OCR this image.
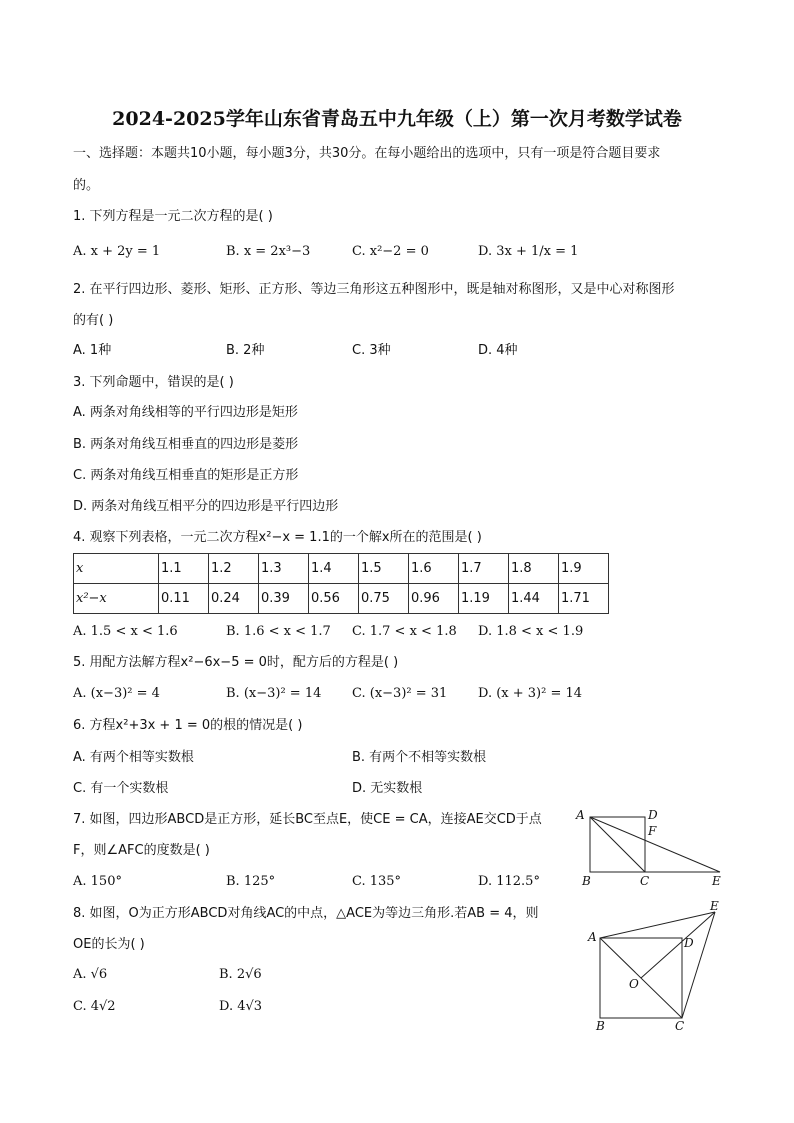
2024-2025学年山东省青岛五中九年级（上）第一次月考数学试卷
一、选择题：本题共10小题，每小题3分，共30分。在每小题给出的选项中，只有一项是符合题目要求
的。
1. 下列方程是一元二次方程的是( )
A. x + 2y = 1	B. x = 2x³−3	C. x²−2 = 0	D. 3x + 1/x = 1
2. 在平行四边形、菱形、矩形、正方形、等边三角形这五种图形中，既是轴对称图形，又是中心对称图形
的有( )
A. 1种	B. 2种	C. 3种	D. 4种
3. 下列命题中，错误的是( )
A. 两条对角线相等的平行四边形是矩形
B. 两条对角线互相垂直的四边形是菱形
C. 两条对角线互相垂直的矩形是正方形
D. 两条对角线互相平分的四边形是平行四边形
4. 观察下列表格，一元二次方程x²−x = 1.1的一个解x所在的范围是( )
x	1.1	1.2	1.3	1.4	1.5	1.6	1.7	1.8	1.9
x²−x	0.11	0.24	0.39	0.56	0.75	0.96	1.19	1.44	1.71
A. 1.5 < x < 1.6	B. 1.6 < x < 1.7 C. 1.7 < x < 1.8 D. 1.8 < x < 1.9
5. 用配方法解方程x²−6x−5 = 0时，配方后的方程是( )
A. (x−3)² = 4	B. (x−3)² = 14 C. (x−3)² = 31 D. (x + 3)² = 14
6. 方程x²+3x + 1 = 0的根的情况是( )
A. 有两个相等实数根	B. 有两个不相等实数根
C. 有一个实数根	D. 无实数根
7. 如图，四边形ABCD是正方形，延长BC至点E，使CE = CA，连接AE交CD于点
F，则∠AFC的度数是( )
A. 150°	B. 125°	C. 135°	D. 112.5°
A	D
F
B	C	E
8. 如图，O为正方形ABCD对角线AC的中点，△ACE为等边三角形.若AB = 4，则
OE的长为( )
A. √6	B. 2√6
C. 4√2	D. 4√3
E
A	D
O
B	C
